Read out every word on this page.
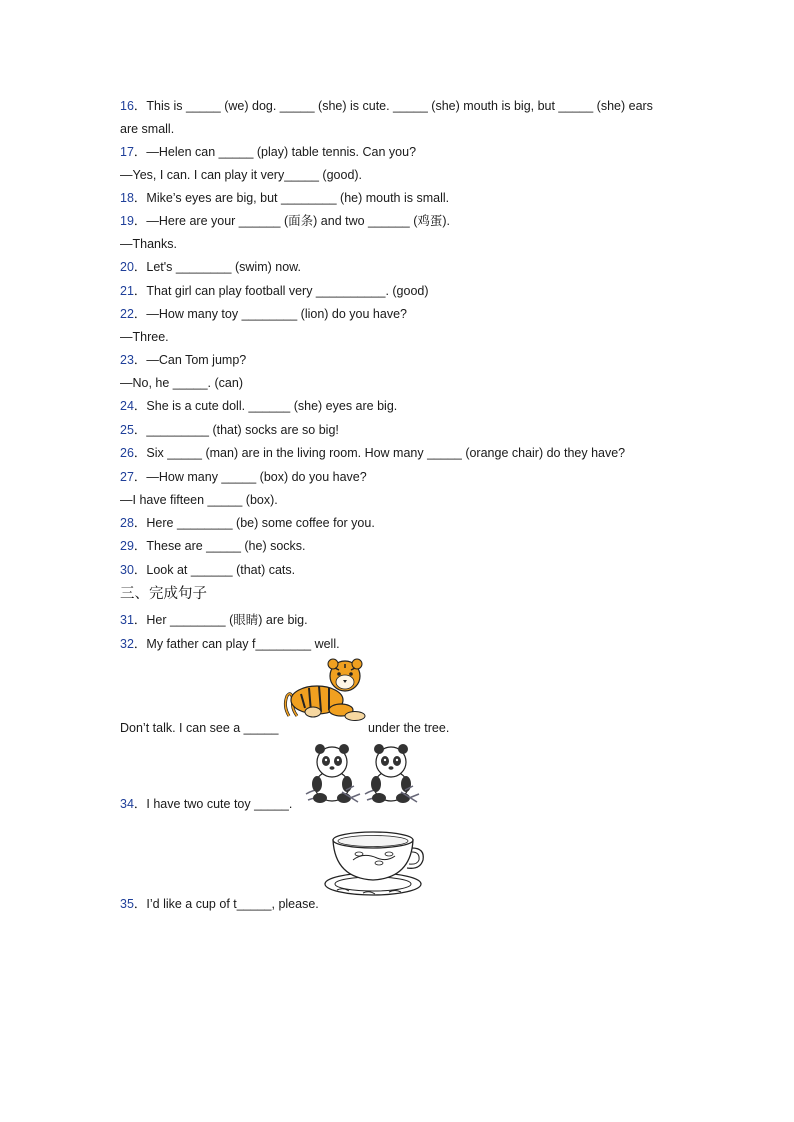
16．This is _____ (we) dog. _____ (she) is cute. _____ (she) mouth is big, but _____ (she) ears
are small.
17．—Helen can _____ (play) table tennis. Can you?
—Yes, I can. I can play it very_____ (good).
18．Mike’s eyes are big, but ________ (he) mouth is small.
19．—Here are your ______ (面条) and two ______ (鸡蛋).
—Thanks.
20．Let's ________ (swim) now.
21．That girl can play football very __________. (good)
22．—How many toy ________ (lion) do you have?
—Three.
23．—Can Tom jump?
—No, he _____. (can)
24．She is a cute doll. ______ (she) eyes are big.
25．_________ (that) socks are so big!
26．Six _____ (man) are in the living room. How many _____ (orange chair) do they have?
27．—How many _____ (box) do you have?
—I have fifteen _____ (box).
28．Here ________ (be) some coffee for you.
29．These are _____ (he) socks.
30．Look at ______ (that) cats.
三、完成句子
31．Her ________ (眼睛) are big.
32．My father can play f________ well.
Don’t talk. I can see a _____	under the tree.
34．I have two cute toy _____.
35．I’d like a cup of t_____, please.
